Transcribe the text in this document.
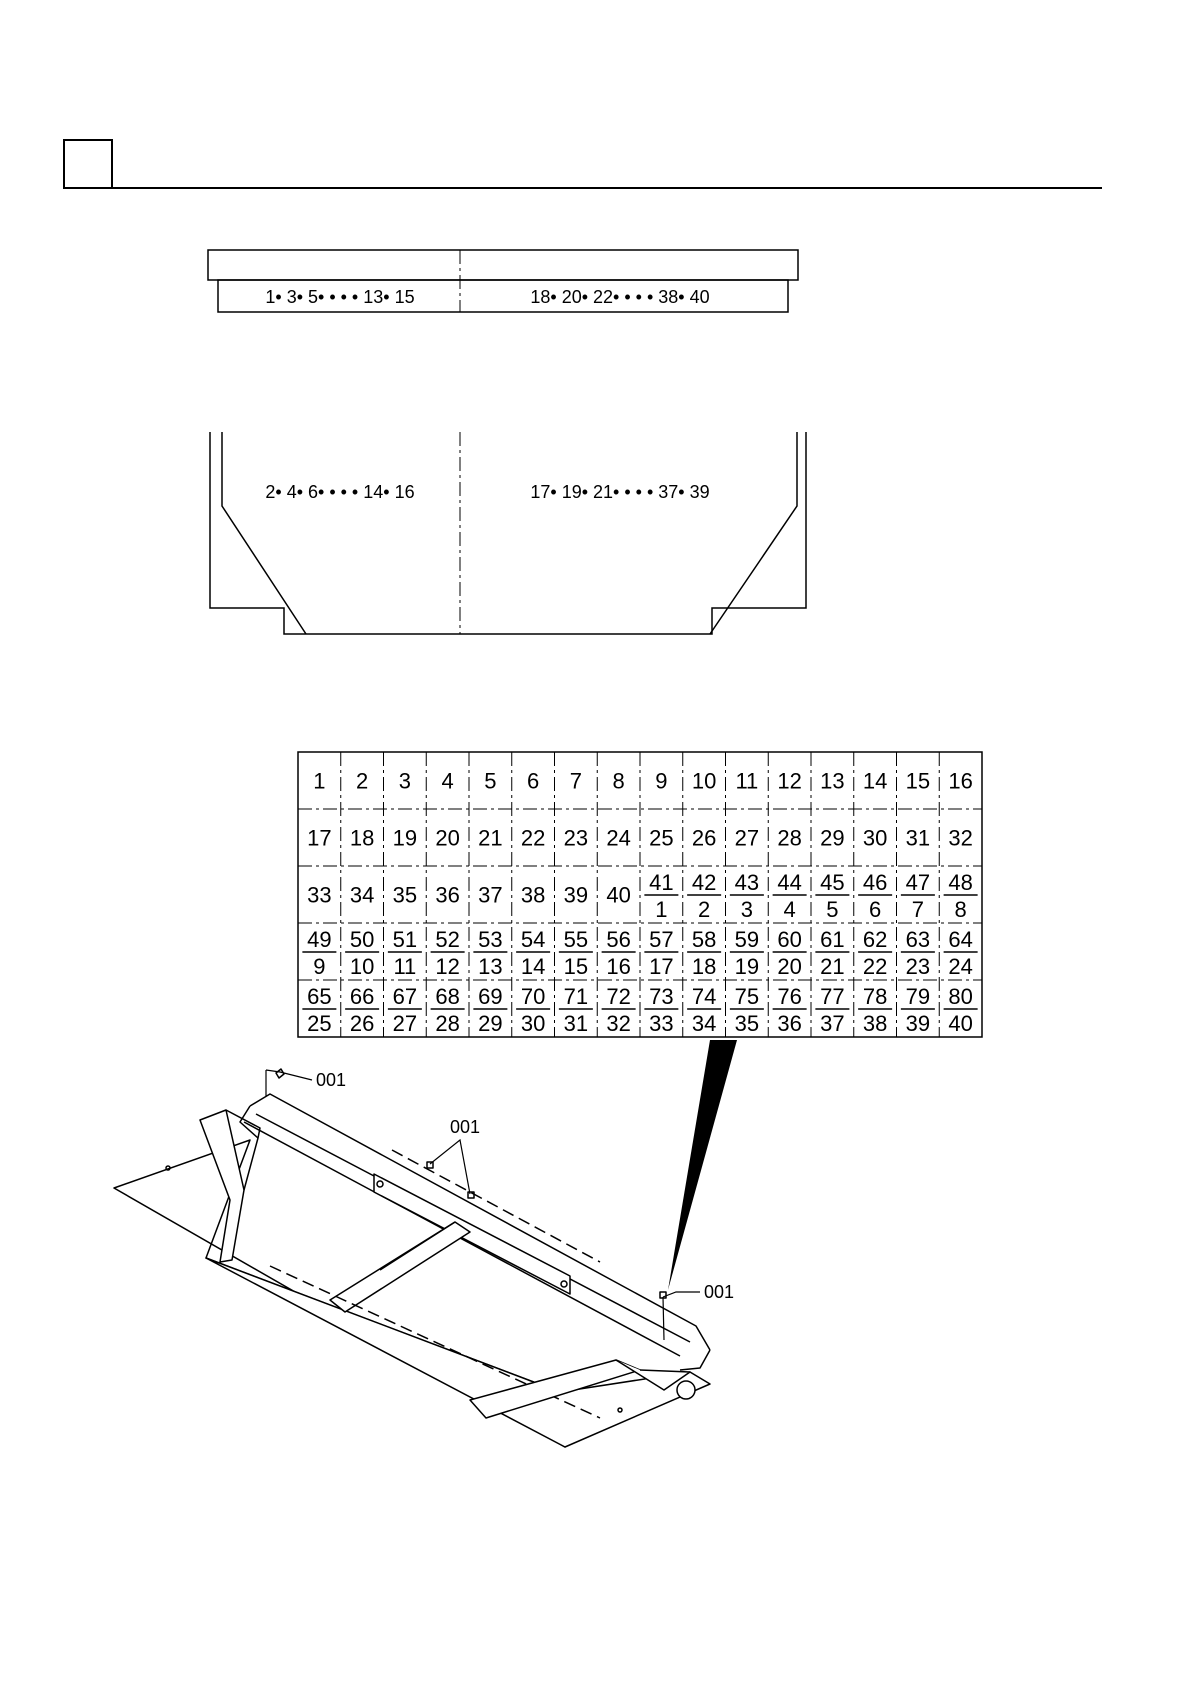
1• 3• 5• • • • 13• 15	18• 20• 22• • • • 38• 40
2• 4• 6• • • • 14• 16	17• 19• 21• • • • 37• 39
1 2 3 4 5 6 7 8 9 10 11 12 13 14 15 16
17 18 19 20 21 22 23 24 25 26 27 28 29 30 31 32
33 34 35 36 37 38 39 40 41
1
42
2
43
3
44
4
45
5
46
6
47
7
48
8
49
9
50
10
51
11
52
12
53
13
54
14
55
15
56
16
57
17
58
18
59
19
60
20
61
21
62
22
63
23
64
24
65
25
66
26
67
27
68
28
69
29
70
30
71
31
72
32
73
33
74
34
75
35
76
36
77
37
78
38
79
39
80
40
001
001
001
